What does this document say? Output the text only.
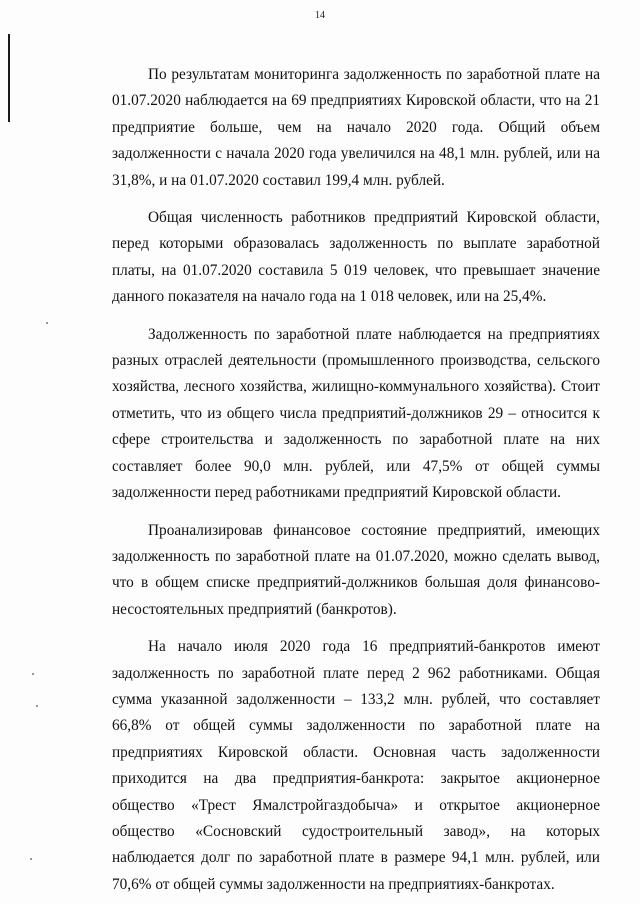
14

По результатам мониторинга задолженность по заработной плате на 01.07.2020 наблюдается на 69 предприятиях Кировской области, что на 21 предприятие больше, чем на начало 2020 года. Общий объем задолженности с начала 2020 года увеличился на 48,1 млн. рублей, или на 31,8%, и на 01.07.2020 составил 199,4 млн. рублей.

Общая численность работников предприятий Кировской области, перед которыми образовалась задолженность по выплате заработной платы, на 01.07.2020 составила 5 019 человек, что превышает значение данного показателя на начало года на 1 018 человек, или на 25,4%.

Задолженность по заработной плате наблюдается на предприятиях разных отраслей деятельности (промышленного производства, сельского хозяйства, лесного хозяйства, жилищно-коммунального хозяйства). Стоит отметить, что из общего числа предприятий-должников 29 – относится к сфере строительства и задолженность по заработной плате на них составляет более 90,0 млн. рублей, или 47,5% от общей суммы задолженности перед работниками предприятий Кировской области.

Проанализировав финансовое состояние предприятий, имеющих задолженность по заработной плате на 01.07.2020, можно сделать вывод, что в общем списке предприятий-должников большая доля финансово-несостоятельных предприятий (банкротов).

На начало июля 2020 года 16 предприятий-банкротов имеют задолженность по заработной плате перед 2 962 работниками. Общая сумма указанной задолженности – 133,2 млн. рублей, что составляет 66,8% от общей суммы задолженности по заработной плате на предприятиях Кировской области. Основная часть задолженности приходится на два предприятия-банкрота: закрытое акционерное общество «Трест Ямалстройгаздобыча» и открытое акционерное общество «Сосновский судостроительный завод», на которых наблюдается долг по заработной плате в размере 94,1 млн. рублей, или 70,6% от общей суммы задолженности на предприятиях-банкротах.
